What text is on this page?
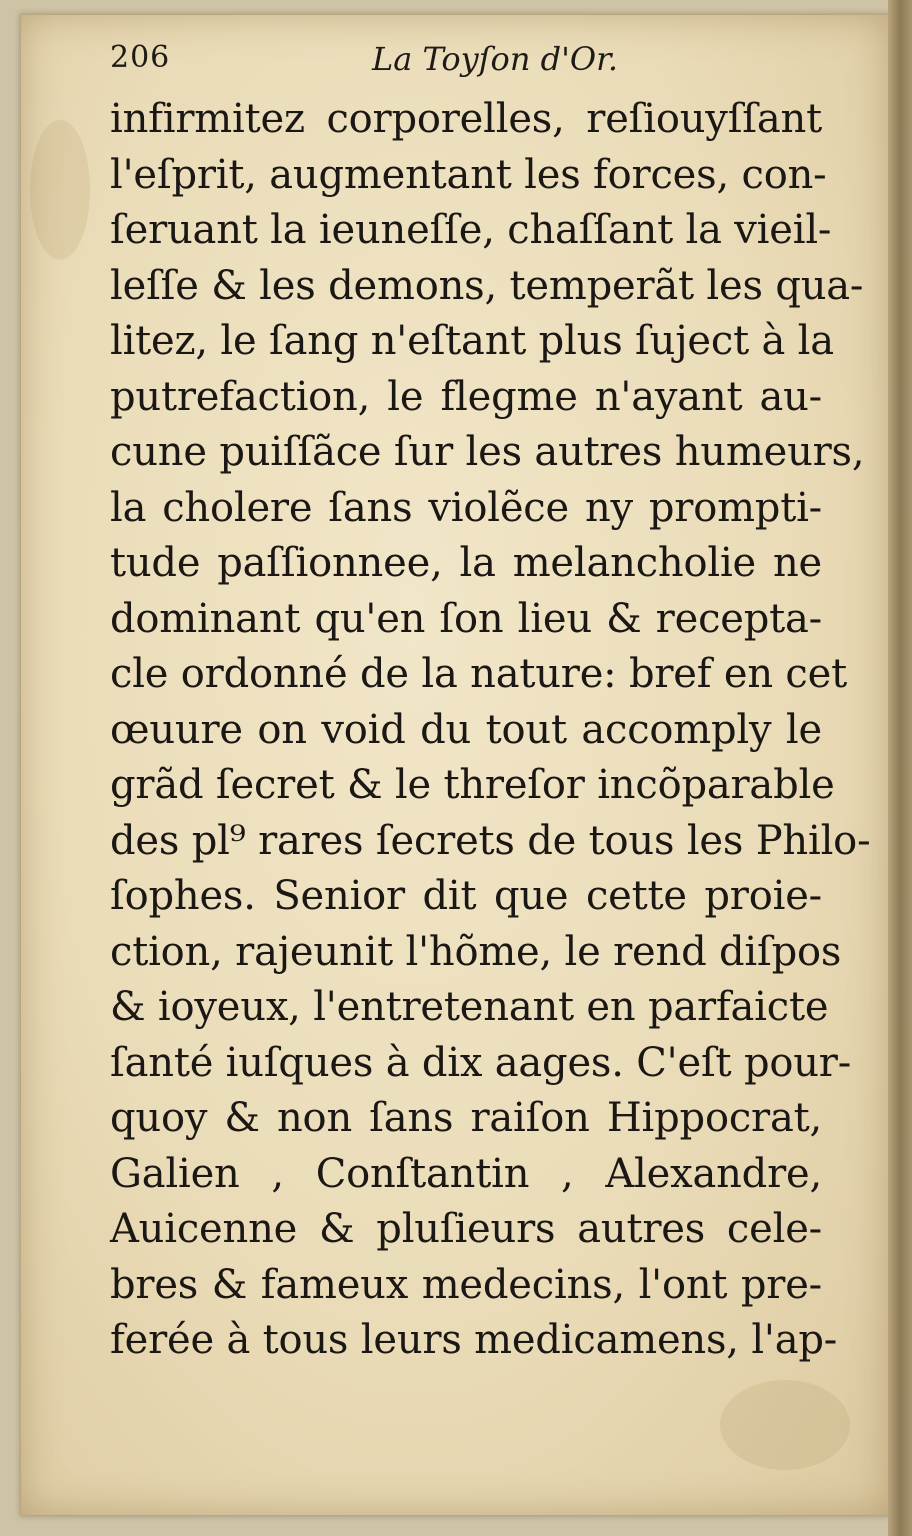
206	La Toyſon d'Or.
infirmitez corporelles, reſiouyſſant
l'eſprit, augmentant les forces, con-
ſeruant la ieuneſſe, chaſſant la vieil-
leſſe & les demons, temperãt les qua-
litez, le ſang n'eſtant plus ſuject à la
putrefaction, le flegme n'ayant au-
cune puiſſãce ſur les autres humeurs,
la cholere ſans violẽce ny prompti-
tude paſſionnee, la melancholie ne
dominant qu'en ſon lieu & recepta-
cle ordonné de la nature: bref en cet
œuure on void du tout accomply le
grãd ſecret & le threſor incõparable
des pl⁹ rares ſecrets de tous les Philo-
ſophes. Senior dit que cette proie-
ction, rajeunit l'hõme, le rend diſpos
& ioyeux, l'entretenant en parfaicte
ſanté iuſques à dix aages. C'eſt pour-
quoy & non ſans raiſon Hippocrat,
Galien , Conſtantin , Alexandre,
Auicenne & pluſieurs autres cele-
bres & fameux medecins, l'ont pre-
ferée à tous leurs medicamens, l'ap-
